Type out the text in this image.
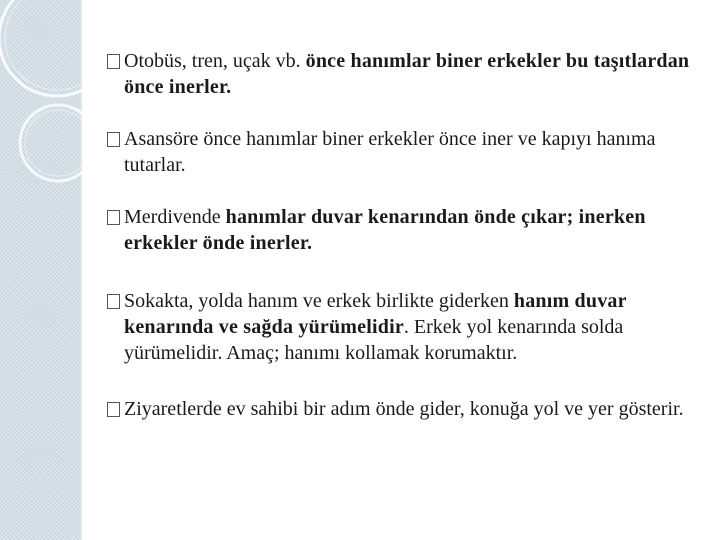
Otobüs, tren, uçak vb. önce hanımlar biner erkekler bu taşıtlardan önce inerler.
Asansöre önce hanımlar biner erkekler önce iner ve kapıyı hanıma tutarlar.
Merdivende hanımlar duvar kenarından önde çıkar; inerken erkekler önde inerler.
Sokakta, yolda hanım ve erkek birlikte giderken hanım duvar kenarında ve sağda yürümelidir. Erkek yol kenarında solda yürümelidir. Amaç; hanımı kollamak korumaktır.
Ziyaretlerde ev sahibi bir adım önde gider, konuğa yol ve yer gösterir.
